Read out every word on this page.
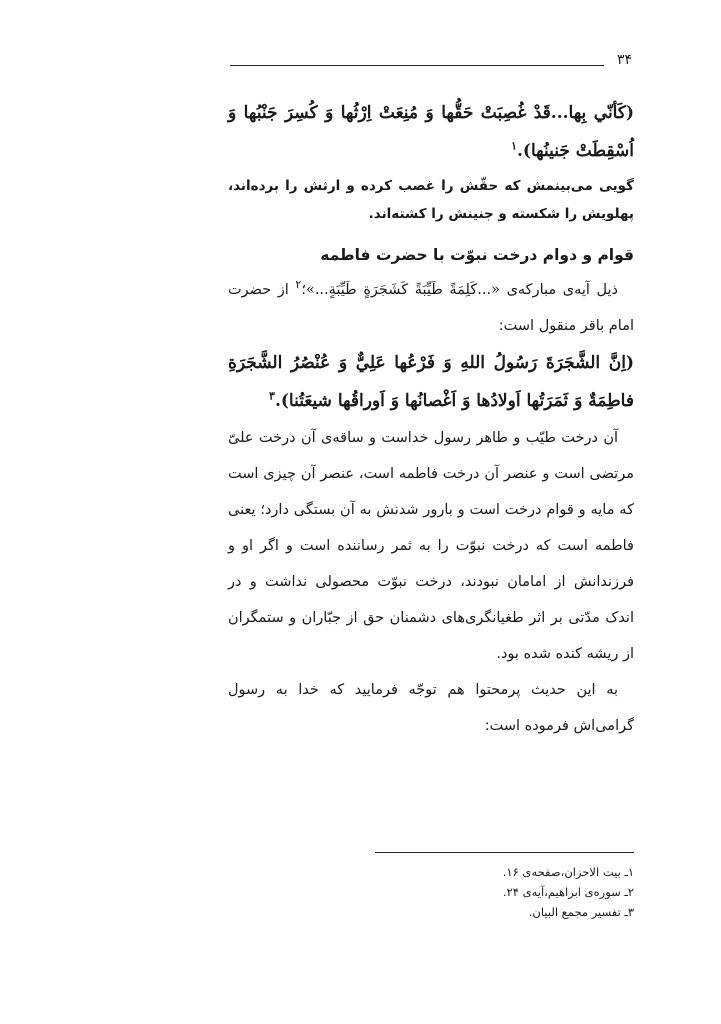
۳۴

(كَأنّي بِها...قَدْ غُصِبَتْ حَقُّها وَ مُنِعَتْ اِرْثُها وَ كُسِرَ جَنْبُها وَ اُسْقِطَتْ جَنينُها).$^۱$

گویی می‌بینمش که حقّش را غصب کرده و ارثش را برده‌اند، پهلویش را شکسته و جنینش را کشته‌اند.

قوام و دوام درخت نبوّت با حضرت فاطمه

ذیل آیه‌ی مبارکه‌ی «...كَلِمَةً طَيِّبَةً كَشَجَرَةٍ طَيِّبَةٍ...»؛$^۲$ از حضرت امام باقر منقول است:

(اِنَّ الشَّجَرَةَ رَسُولُ اللهِ وَ فَرْعُها عَلِيٌّ وَ عُنْصُرُ الشَّجَرَةِ فاطِمَةٌ وَ ثَمَرَتُها اَولادُها وَ اَغْصانُها وَ اَوراقُها شيعَتُنا).$^۳$

آن درخت طیّب و طاهر رسول خداست و ساقه‌ی آن درخت علیّ مرتضی است و عنصر آن درخت فاطمه است، عنصر آن چیزی است که مایه و قوام درخت است و بارور شدنش به آن بستگی دارد؛ یعنی فاطمه است که درخت نبوّت را به ثمر رساننده است و اگر او و فرزندانش از امامان نبودند، درخت نبوّت محصولی نداشت و در اندک مدّتی بر اثر طغیانگری‌های دشمنان حق از جبّاران و ستمگران از ریشه کنده شده بود.

به این حدیث پرمحتوا هم توجّه فرمایید که خدا به رسول گرامی‌اش فرموده است:

۱ـ بیت الاحزان،صفحه‌ی ۱۶.
۲ـ سوره‌ی ابراهیم،آیه‌ی ۲۴.
۳ـ تفسیر مجمع البیان.
